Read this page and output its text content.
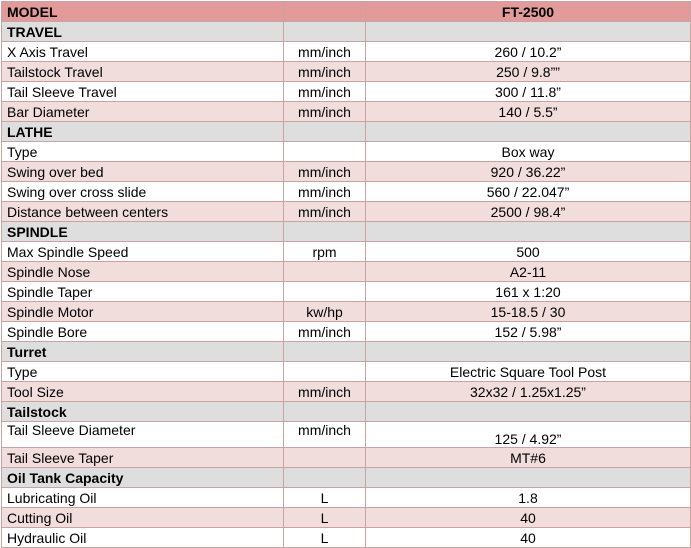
MODEL		FT-2500
TRAVEL		
X Axis Travel	mm/inch	260 / 10.2”
Tailstock Travel	mm/inch	250 / 9.8””
Tail Sleeve Travel	mm/inch	300 / 11.8”
Bar Diameter	mm/inch	140 / 5.5”
LATHE		
Type		Box way
Swing over bed	mm/inch	920 / 36.22”
Swing over cross slide	mm/inch	560 / 22.047”
Distance between centers	mm/inch	2500 / 98.4”
SPINDLE		
Max Spindle Speed	rpm	500
Spindle Nose		A2-11
Spindle Taper		161 x 1:20
Spindle Motor	kw/hp	15-18.5 / 30
Spindle Bore	mm/inch	152 / 5.98”
Turret		
Type		Electric Square Tool Post
Tool Size	mm/inch	32x32 / 1.25x1.25”
Tailstock		
Tail Sleeve Diameter	mm/inch	125 / 4.92”
Tail Sleeve Taper		MT#6
Oil Tank Capacity		
Lubricating Oil	L	1.8
Cutting Oil	L	40
Hydraulic Oil	L	40
